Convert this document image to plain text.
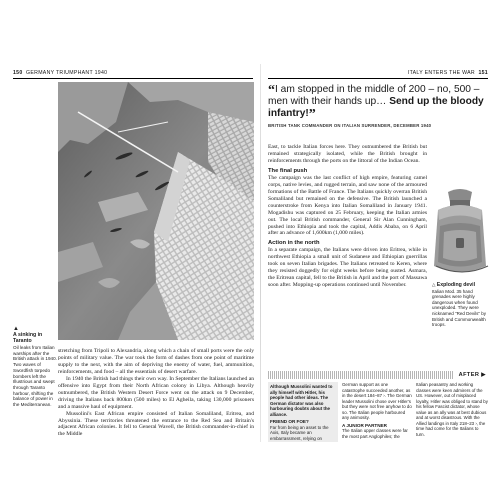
150 GERMANY TRIUMPHANT 1940	ITALY ENTERS THE WAR 151
▲
A sinking in Taranto
Oil leaks from Italian warships after the British attack in 1940. Two waves of Swordfish torpedo bombers left the Illustrious and swept through Taranto harbour, shifting the balance of power in the Mediterranean.

stretching from Tripoli to Alexandria, along which a chain of small ports were the only points of military value. The war took the form of dashes from one point of maritime supply to the next, with the aim of depriving the enemy of water, fuel, ammunition, reinforcements, and food – all the essentials of desert warfare.

In 1940 the British had things their own way. In September the Italians launched an offensive into Egypt from their North African colony in Libya. Although heavily outnumbered, the British Western Desert Force went on the attack on 9 December, driving the Italians back 800km (500 miles) to El Agheila, taking 130,000 prisoners and a massive haul of equipment.

Mussolini's East African empire consisted of Italian Somaliland, Eritrea, and Abyssinia. These territories threatened the entrance to the Red Sea and Britain's adjacent African colonies. It fell to General Wavell, the British commander-in-chief in the Middle

“I am stopped in the middle of 200 – no, 500 – men with their hands up… Send up the bloody infantry!”
BRITISH TANK COMMANDER ON ITALIAN SURRENDER, DECEMBER 1940

East, to tackle Italian forces here. They outnumbered the British but remained strategically isolated, while the British brought in reinforcements through the ports on the littoral of the Indian Ocean.

The final push

The campaign was the last conflict of high empire, featuring camel corps, native levies, and rugged terrain, and saw none of the armoured formations of the Battle of France. The Italians quickly overran British Somaliland but remained on the defensive. The British launched a counterstroke from Kenya into Italian Somaliland in January 1941. Mogadishu was captured on 25 February, keeping the Italian armies out. The local British commander, General Sir Alan Cunningham, pushed into Ethiopia and took the capital, Addis Ababa, on 6 April after an advance of 1,600km (1,000 miles).

Action in the north

In a separate campaign, the Italians were driven into Eritrea, while in northwest Ethiopia a small unit of Sudanese and Ethiopian guerrillas took on seven Italian brigades. The Italians retreated to Keren, where they resisted doggedly for eight weeks before being ousted. Asmara, the Eritrean capital, fell to the British in April and the port of Massawa soon after. Mopping-up operations continued until November.	△ Exploding devil
Italian Mod. 35 hand grenades were highly dangerous when found unexploded. They were nicknamed "Red Devils" by British and Commonwealth troops.
AFTER ▶
Although Mussolini wanted to ally himself with Hitler, his people had other ideas. The German dictator was also harbouring doubts about the alliance.
FRIEND OR FOE?
Far from being an asset to the Axis, Italy became an embarrassment, relying on
German support as one catastrophe succeeded another, as in the desert 184–87 ›. The German leader Mussolini chose over Hitler's but they were not free anyhow to do so. The Italian people harboured any animosity.
A JUNIOR PARTNER
The Italian upper classes were far the most part Anglophiles; the
Italian peasantry and working classes were keen admirers of the US. However, out of misplaced loyalty, Hitler was obliged to stand by his fellow Fascist dictator, whose value as an ally was at best dubious and at worst disastrous. With the Allied landings in Italy 218–23 ›, the time had come for the Italians to turn.
